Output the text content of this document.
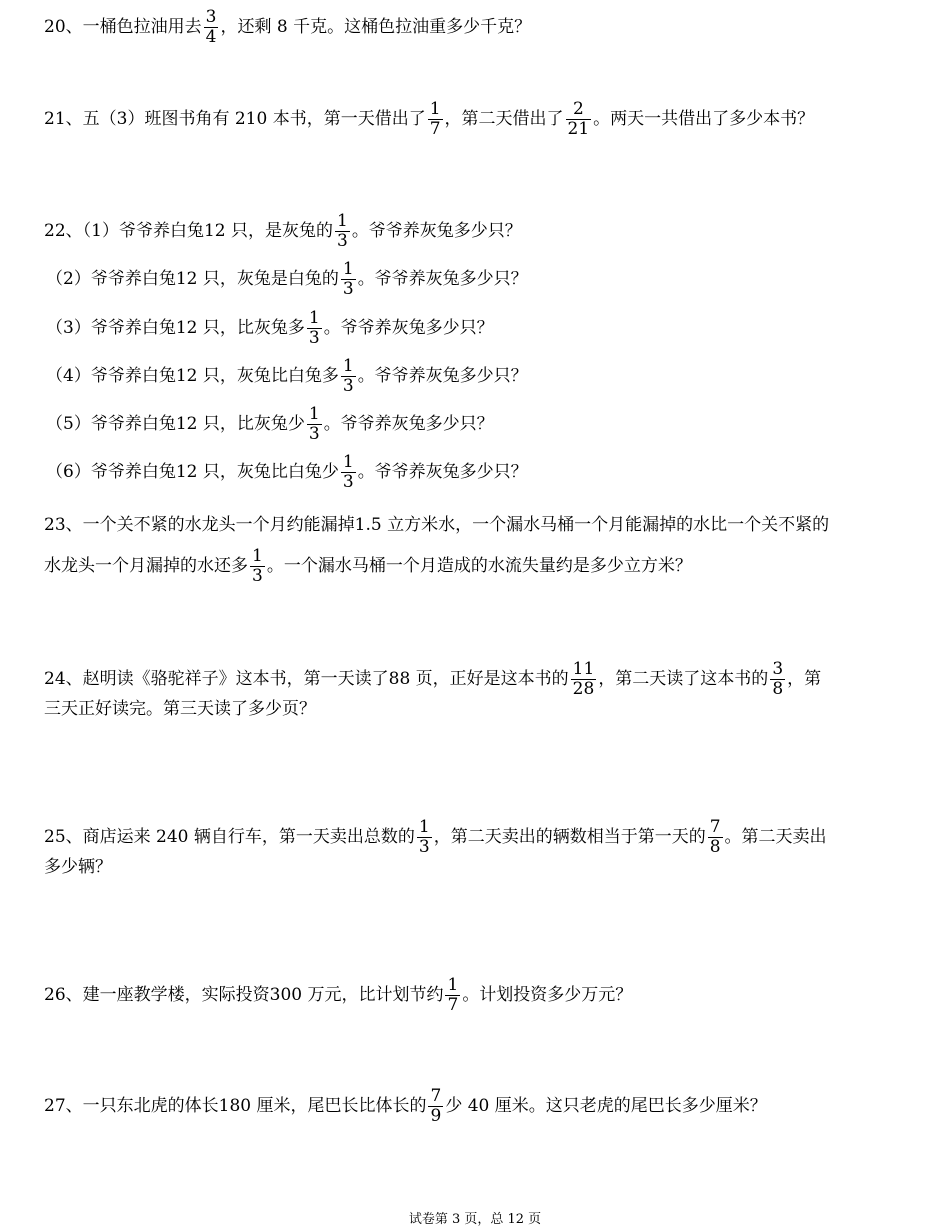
20、一桶色拉油用去 $\frac{3}{4}$ ，还剩 8 千克。这桶色拉油重多少千克？
21、五（3）班图书角有 210 本书，第一天借出了 $\frac{1}{7}$ ，第二天借出了 $\frac{2}{21}$ 。两天一共借出了多少本书？
22、（1）爷爷养白兔12 只，是灰兔的 $\frac{1}{3}$ 。爷爷养灰兔多少只？
（2）爷爷养白兔12 只，灰兔是白兔的 $\frac{1}{3}$ 。爷爷养灰兔多少只？
（3）爷爷养白兔12 只，比灰兔多 $\frac{1}{3}$ 。爷爷养灰兔多少只？
（4）爷爷养白兔12 只，灰兔比白兔多 $\frac{1}{3}$ 。爷爷养灰兔多少只？
（5）爷爷养白兔12 只，比灰兔少 $\frac{1}{3}$ 。爷爷养灰兔多少只？
（6）爷爷养白兔12 只，灰兔比白兔少 $\frac{1}{3}$ 。爷爷养灰兔多少只？
23、一个关不紧的水龙头一个月约能漏掉1.5 立方米水，一个漏水马桶一个月能漏掉的水比一个关不紧的
水龙头一个月漏掉的水还多 $\frac{1}{3}$ 。一个漏水马桶一个月造成的水流失量约是多少立方米？
24、赵明读《骆驼祥子》这本书，第一天读了88 页，正好是这本书的 $\frac{11}{28}$ ，第二天读了这本书的 $\frac{3}{8}$ ，第
三天正好读完。第三天读了多少页？
25、商店运来 240 辆自行车，第一天卖出总数的 $\frac{1}{3}$ ，第二天卖出的辆数相当于第一天的 $\frac{7}{8}$ 。第二天卖出
多少辆？
26、建一座教学楼，实际投资300 万元，比计划节约 $\frac{1}{7}$ 。计划投资多少万元？
27、一只东北虎的体长180 厘米，尾巴长比体长的 $\frac{7}{9}$ 少 40 厘米。这只老虎的尾巴长多少厘米？
试卷第 3 页，总 12 页
